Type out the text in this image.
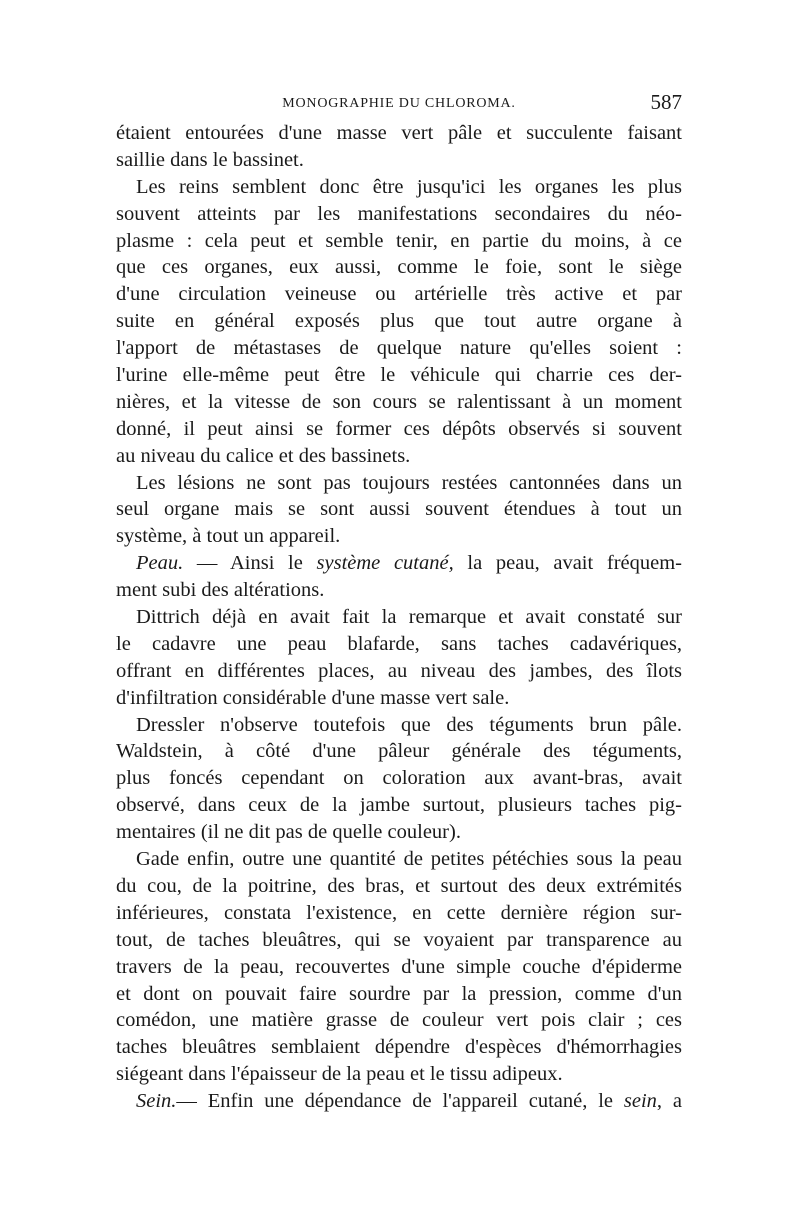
MONOGRAPHIE DU CHLOROMA.	587
étaient entourées d'une masse vert pâle et succulente faisant
saillie dans le bassinet.
Les reins semblent donc être jusqu'ici les organes les plus
souvent atteints par les manifestations secondaires du néo-
plasme : cela peut et semble tenir, en partie du moins, à ce
que ces organes, eux aussi, comme le foie, sont le siège
d'une circulation veineuse ou artérielle très active et par
suite en général exposés plus que tout autre organe à
l'apport de métastases de quelque nature qu'elles soient :
l'urine elle-même peut être le véhicule qui charrie ces der-
nières, et la vitesse de son cours se ralentissant à un moment
donné, il peut ainsi se former ces dépôts observés si souvent
au niveau du calice et des bassinets.
Les lésions ne sont pas toujours restées cantonnées dans un
seul organe mais se sont aussi souvent étendues à tout un
système, à tout un appareil.
Peau. — Ainsi le système cutané, la peau, avait fréquem-
ment subi des altérations.
Dittrich déjà en avait fait la remarque et avait constaté sur
le cadavre une peau blafarde, sans taches cadavériques,
offrant en différentes places, au niveau des jambes, des îlots
d'infiltration considérable d'une masse vert sale.
Dressler n'observe toutefois que des téguments brun pâle.
Waldstein, à côté d'une pâleur générale des téguments,
plus foncés cependant on coloration aux avant-bras, avait
observé, dans ceux de la jambe surtout, plusieurs taches pig-
mentaires (il ne dit pas de quelle couleur).
Gade enfin, outre une quantité de petites pétéchies sous la peau
du cou, de la poitrine, des bras, et surtout des deux extrémités
inférieures, constata l'existence, en cette dernière région sur-
tout, de taches bleuâtres, qui se voyaient par transparence au
travers de la peau, recouvertes d'une simple couche d'épiderme
et dont on pouvait faire sourdre par la pression, comme d'un
comédon, une matière grasse de couleur vert pois clair ; ces
taches bleuâtres semblaient dépendre d'espèces d'hémorrhagies
siégeant dans l'épaisseur de la peau et le tissu adipeux.
Sein.— Enfin une dépendance de l'appareil cutané, le sein, a
